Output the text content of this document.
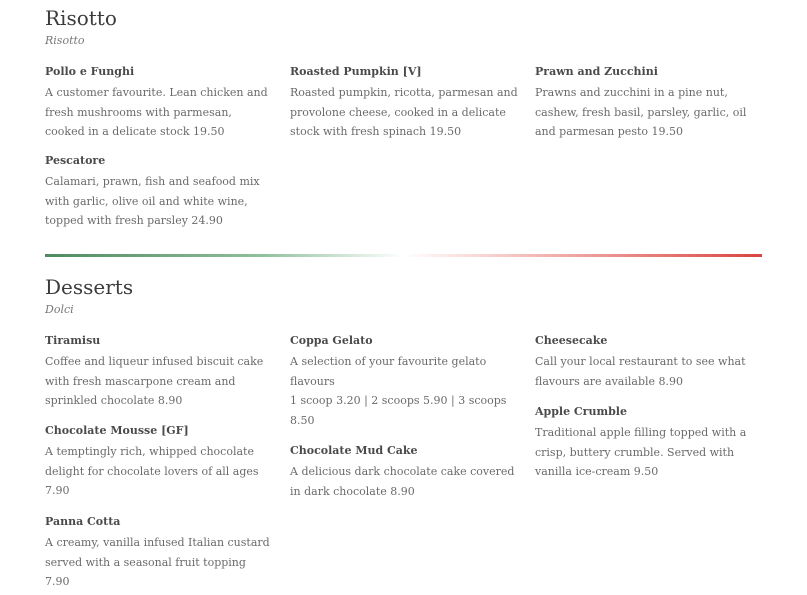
Risotto
Risotto
Pollo e Funghi
A customer favourite. Lean chicken and fresh mushrooms with parmesan, cooked in a delicate stock 19.50
Roasted Pumpkin [V]
Roasted pumpkin, ricotta, parmesan and provolone cheese, cooked in a delicate stock with fresh spinach 19.50
Prawn and Zucchini
Prawns and zucchini in a pine nut, cashew, fresh basil, parsley, garlic, oil and parmesan pesto 19.50
Pescatore
Calamari, prawn, fish and seafood mix with garlic, olive oil and white wine, topped with fresh parsley 24.90
Desserts
Dolci
Tiramisu
Coffee and liqueur infused biscuit cake with fresh mascarpone cream and sprinkled chocolate 8.90
Coppa Gelato
A selection of your favourite gelato flavours
1 scoop 3.20 | 2 scoops 5.90 | 3 scoops 8.50
Cheesecake
Call your local restaurant to see what flavours are available 8.90
Chocolate Mousse [GF]
A temptingly rich, whipped chocolate delight for chocolate lovers of all ages 7.90
Chocolate Mud Cake
A delicious dark chocolate cake covered in dark chocolate 8.90
Apple Crumble
Traditional apple filling topped with a crisp, buttery crumble. Served with vanilla ice-cream 9.50
Panna Cotta
A creamy, vanilla infused Italian custard served with a seasonal fruit topping 7.90
